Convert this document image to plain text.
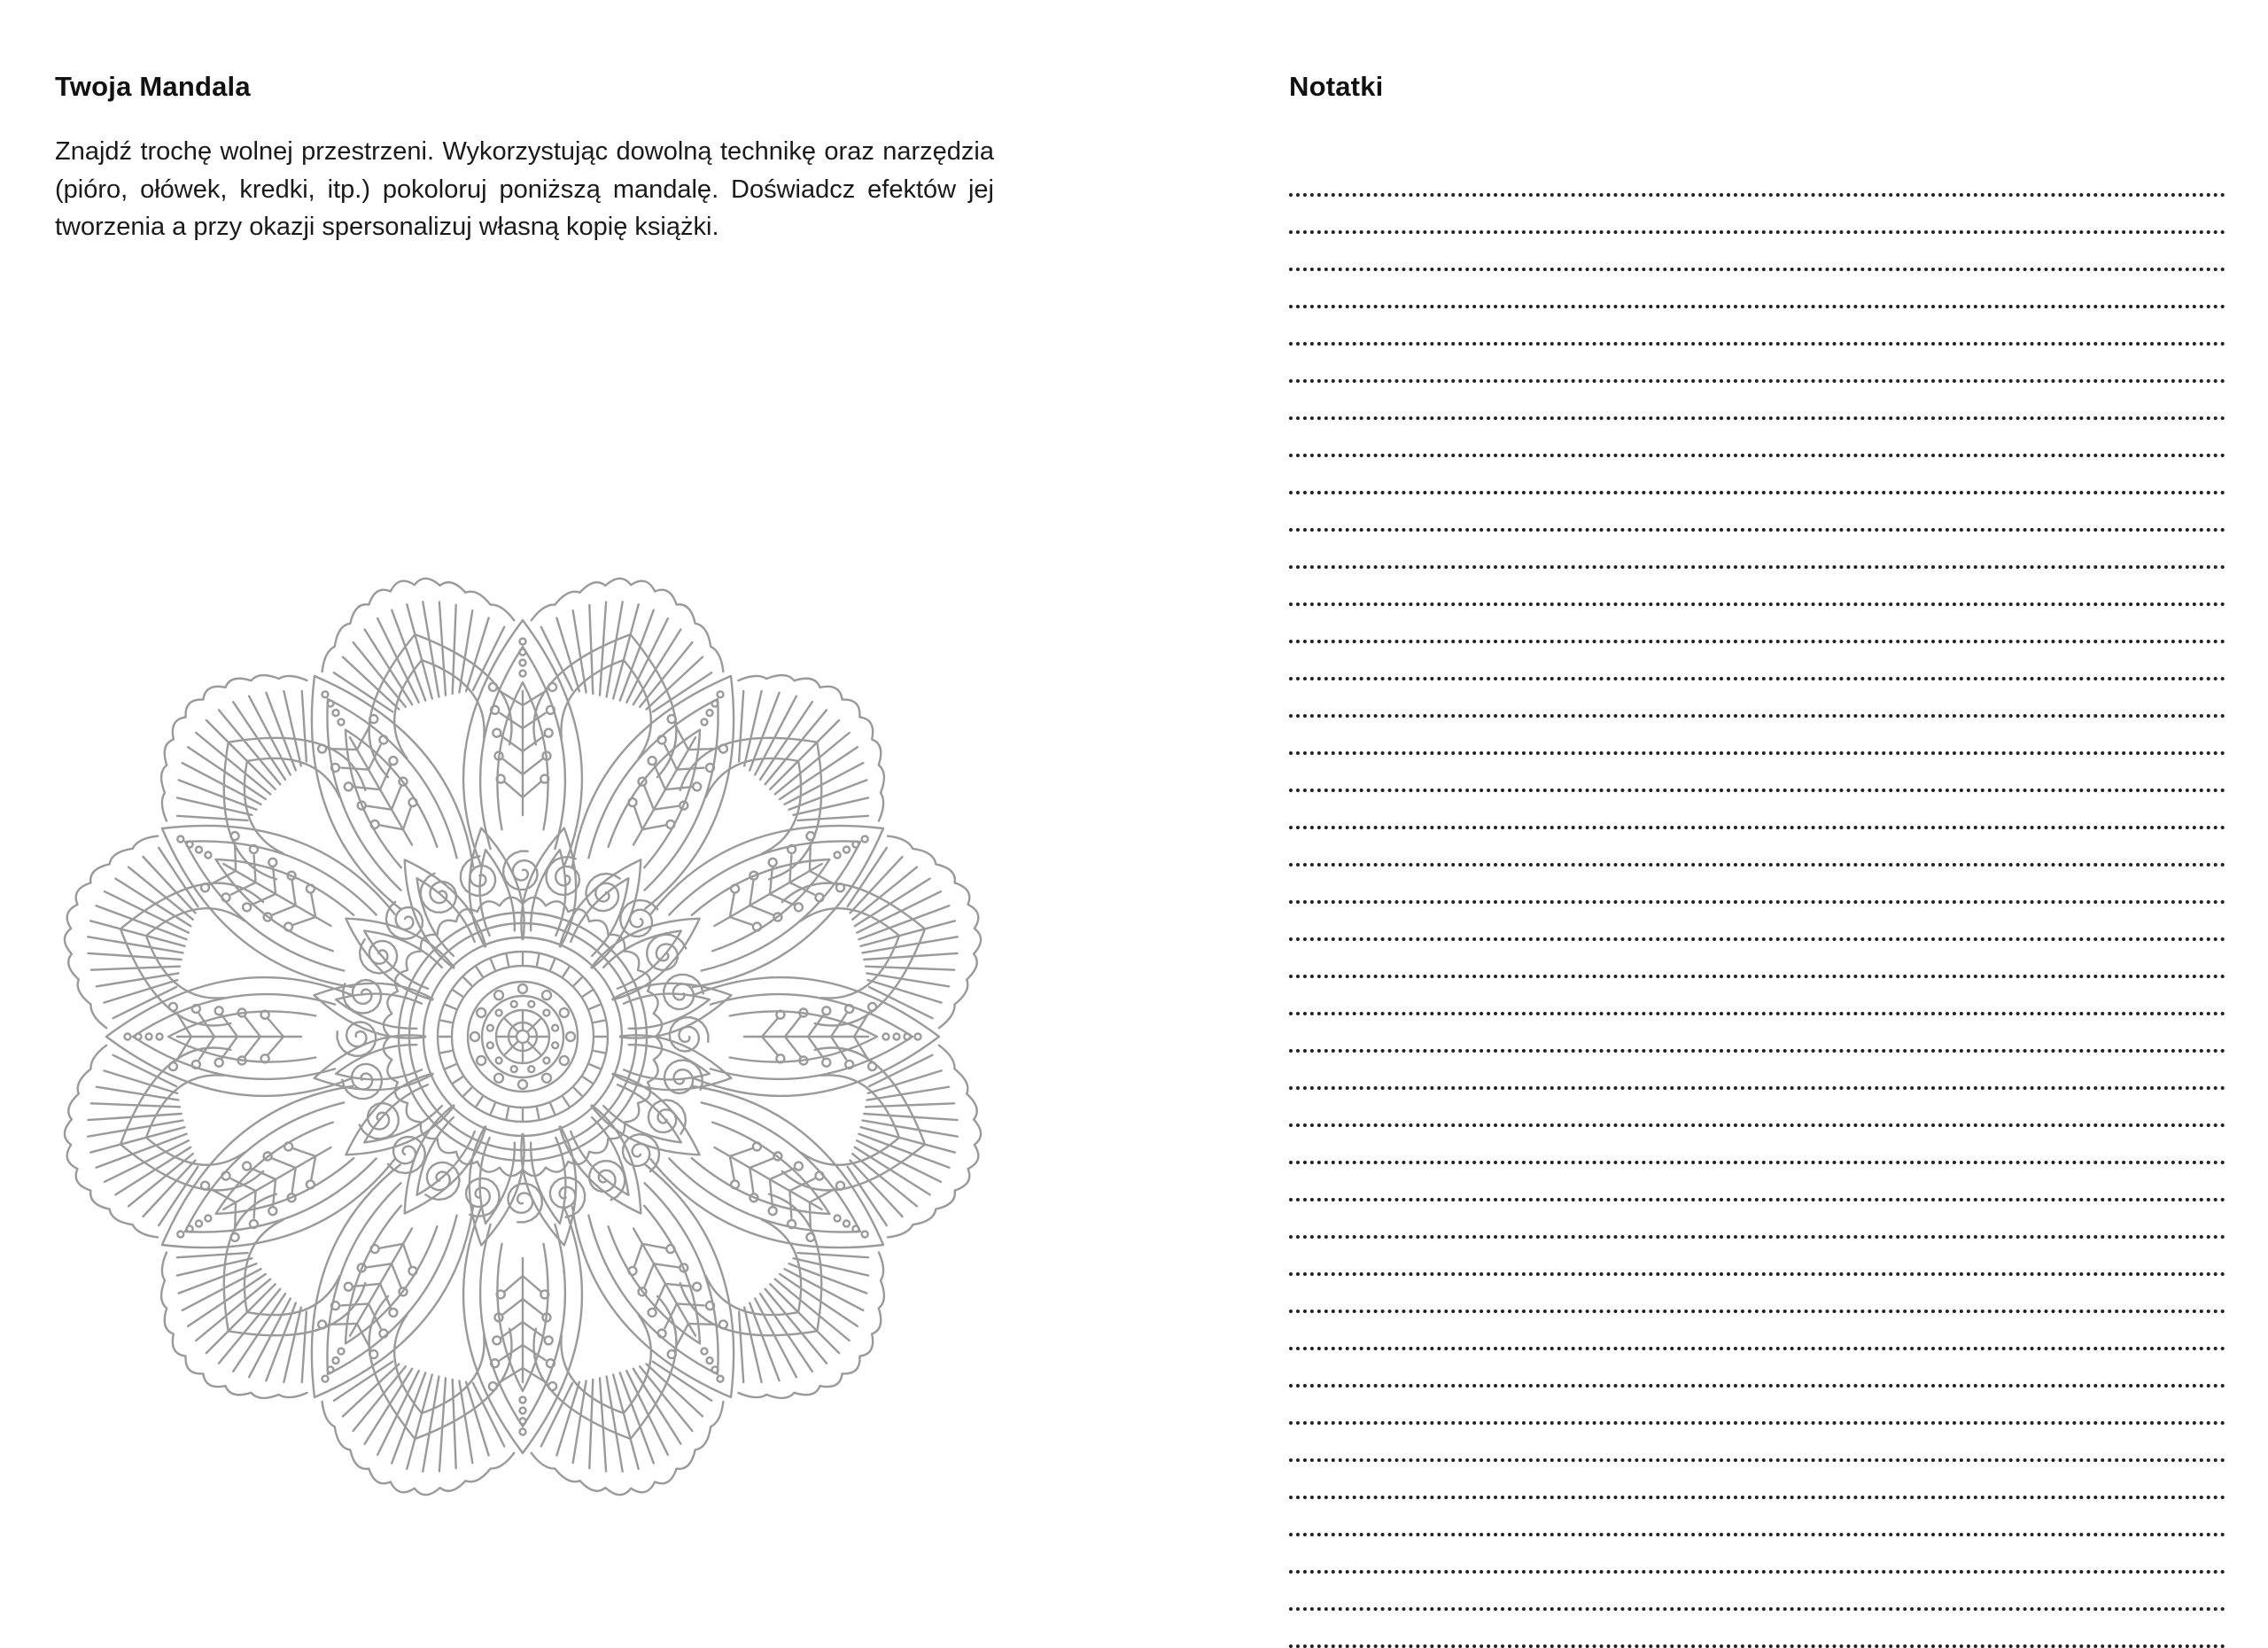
Twoja Mandala

Znajdź trochę wolnej przestrzeni. Wykorzystując dowolną technikę oraz narzędzia (pióro, ołówek, kredki, itp.) pokoloruj poniższą mandalę. Doświadcz efektów jej tworzenia a przy okazji spersonalizuj własną kopię książki.

Notatki
